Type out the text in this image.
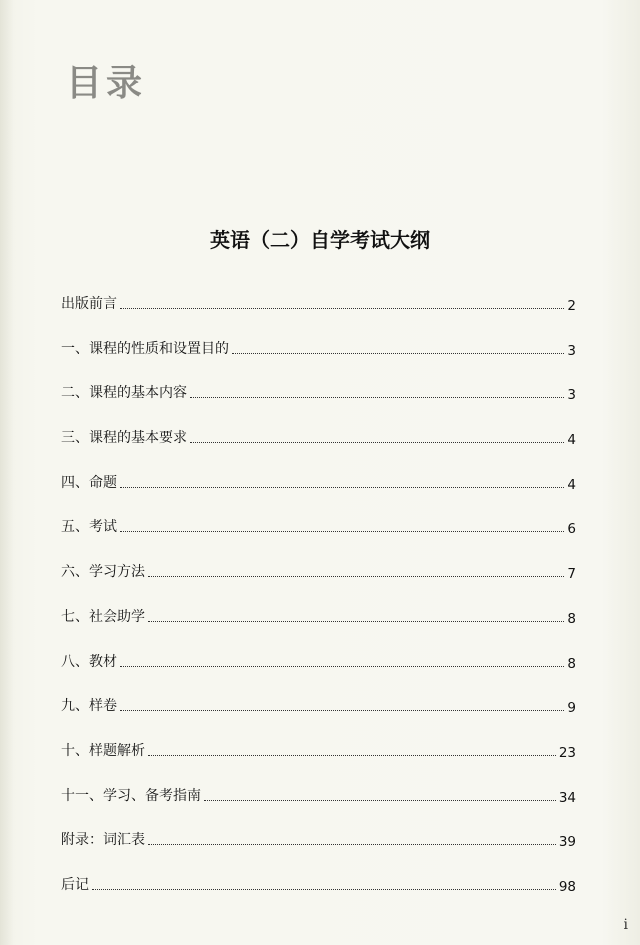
目录
英语（二）自学考试大纲
出版前言	2
一、课程的性质和设置目的	3
二、课程的基本内容	3
三、课程的基本要求	4
四、命题	4
五、考试	6
六、学习方法	7
七、社会助学	8
八、教材	8
九、样卷	9
十、样题解析	23
十一、学习、备考指南	34
附录：词汇表	39
后记	98
i
